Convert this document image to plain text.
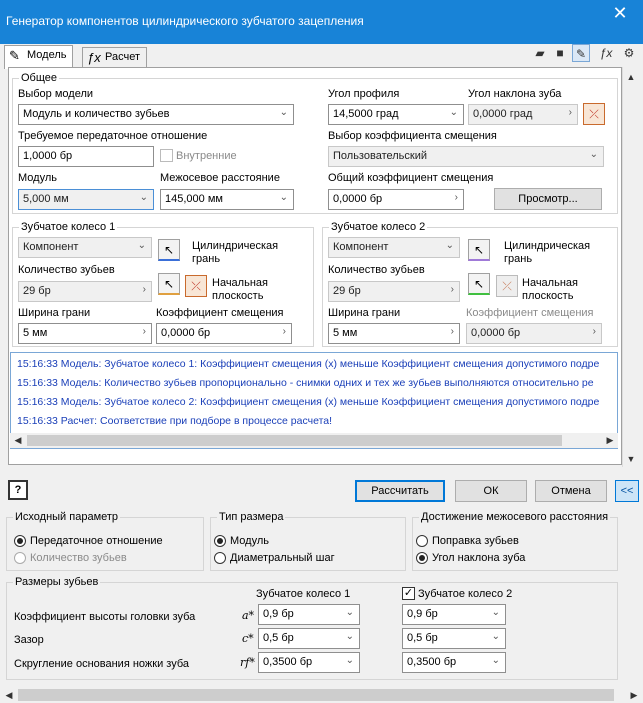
Генератор компонентов цилиндрического зубчатого зацепления	✕
✎ Модель	ƒx Расчет	▰ ■	✎	ƒx ⚙
▲
▼
Общее
Выбор модели
Модуль и количество зубьев	⌄
Требуемое передаточное отношение
1,0000 бр	Внутренние
Модуль
5,000 мм	⌄
Межосевое расстояние
145,000 мм	⌄
Угол профиля
14,5000 град	⌄
Угол наклона зуба
0,0000 град	›	⤫
Выбор коэффициента смещения
Пользовательский	⌄
Общий коэффициент смещения
0,0000 бр	›	Просмотр...
Зубчатое колесо 1
Компонент	⌄	↖	Цилиндрическая грань
Количество зубьев
29 бр	›	↖	⤫	Начальная плоскость
Ширина грани
5 мм	›
Коэффициент смещения
0,0000 бр	›
Зубчатое колесо 2
Компонент	⌄	↖	Цилиндрическая грань
Количество зубьев
29 бр	›	↖	⤫ Начальная плоскость
Ширина грани
5 мм	›
Коэффициент смещения
0,0000 бр	›
15:16:33 Модель: Зубчатое колесо 1: Коэффициент смещения (x) меньше Коэффициент смещения допустимого подре
15:16:33 Модель: Количество зубьев пропорционально - снимки одних и тех же зубьев выполняются относительно ре
15:16:33 Модель: Зубчатое колесо 2: Коэффициент смещения (x) меньше Коэффициент смещения допустимого подре
15:16:33 Расчет: Соответствие при подборе в процессе расчета!
◀	▶
?	Рассчитать	ОК	Отмена	<<
Исходный параметр
Передаточное отношение
Количество зубьев
Тип размера
Модуль
Диаметральный шаг
Достижение межосевого расстояния
Поправка зубьев
Угол наклона зуба
Размеры зубьев
Зубчатое колесо 1	✓ Зубчатое колесо 2
Коэффициент высоты головки зуба	a* 0,9 бр	⌄	0,9 бр	⌄
Зазор	c* 0,5 бр	⌄	0,5 бр	⌄
Скругление основания ножки зуба	rf* 0,3500 бр	⌄	0,3500 бр	⌄
◀	▶
